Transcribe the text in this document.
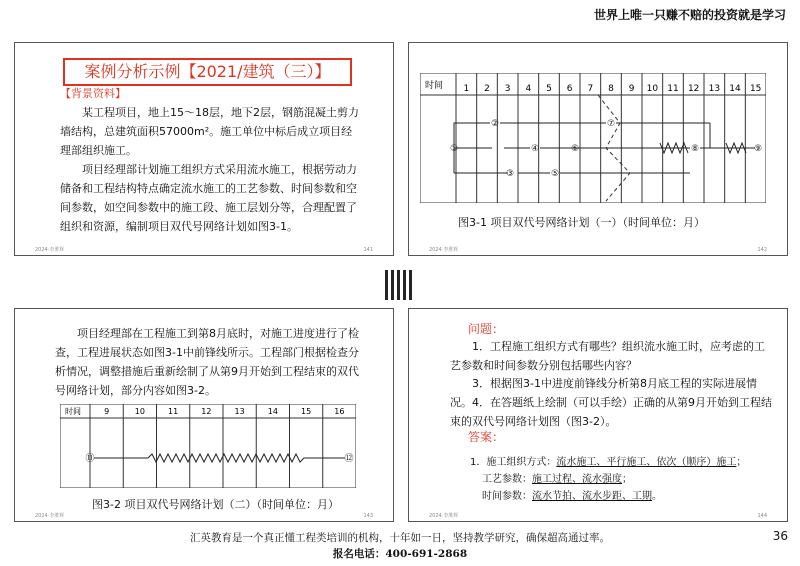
世界上唯一只赚不赔的投资就是学习
2024·李胜辉	141
案例分析示例【2021/建筑（三）】
【背景资料】
某工程项目，地上15～18层，地下2层，钢筋混凝土剪力墙结构，总建筑面积57000m²。施工单位中标后成立项目经理部组织施工。
项目经理部计划施工组织方式采用流水施工，根据劳动力储备和工程结构特点确定流水施工的工艺参数、时间参数和空间参数，如空间参数中的施工段、施工层划分等，合理配置了组织和资源，编制项目双代号网络计划如图3-1。
2024·李胜辉	142
1 2 3 4 5 6 7 8 9 10 11 12 13 14 15
时间
①
②
③
④
⑤
⑥
⑦
⑧	⑨
图3-1 项目双代号网络计划（一）（时间单位：月）
2024·李胜辉	143
项目经理部在工程施工到第8月底时，对施工进度进行了检查，工程进展状态如图3-1中前锋线所示。工程部门根据检查分析情况，调整措施后重新绘制了从第9月开始到工程结束的双代号网络计划，部分内容如图3-2。
9	10	11	12	13	14	15	16
时间
⑪	⑫
图3-2 项目双代号网络计划（二）（时间单位：月）
2024·李胜辉	144
问题：
1．工程施工组织方式有哪些？组织流水施工时，应考虑的工艺参数和时间参数分别包括哪些内容？
3．根据图3-1中进度前锋线分析第8月底工程的实际进展情况。 4．在答题纸上绘制（可以手绘）正确的从第9月开始到工程结束的双代号网络计划图（图3-2）。
答案：
1．施工组织方式：流水施工、平行施工、依次（顺序）施工；
工艺参数：施工过程、流水强度；
时间参数：流水节拍、流水步距、工期。
汇英教育是一个真正懂工程类培训的机构，十年如一日，坚持教学研究，确保超高通过率。
报名电话：400-691-2868
36
